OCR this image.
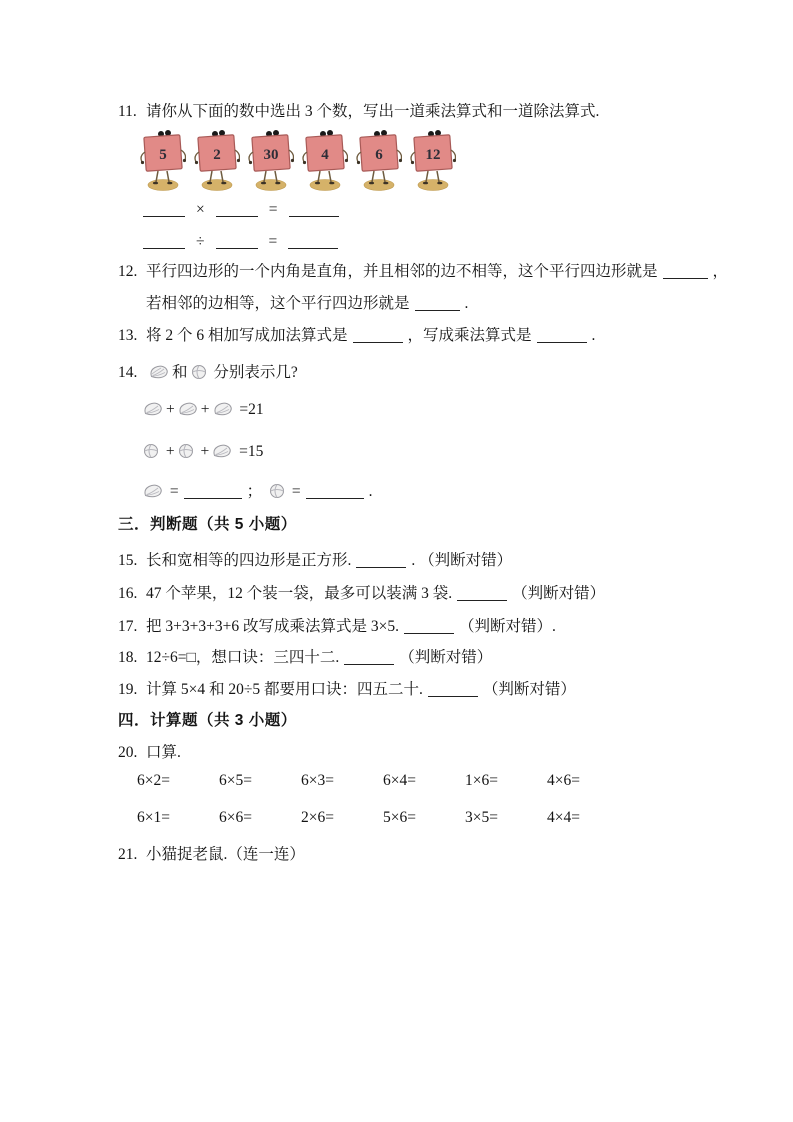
11. 请你从下面的数中选出 3 个数，写出一道乘法算式和一道除法算式.
5	2	30	4	6	12
×	=
÷	=
12. 平行四边形的一个内角是直角，并且相邻的边不相等，这个平行四边形就是	，
若相邻的边相等，这个平行四边形就是	.
13. 将 2 个 6 相加写成加法算式是	，写成乘法算式是	.
14. 和 分别表示几?
+ + =21
+ + =15
=	； =	.
三．判断题（共 5 小题）
15. 长和宽相等的四边形是正方形.	. （判断对错）
16. 47 个苹果，12 个装一袋，最多可以装满 3 袋.	（判断对错）
17. 把 3+3+3+3+6 改写成乘法算式是 3×5.	（判断对错）.
18. 12÷6=□，想口诀：三四十二.	（判断对错）
19. 计算 5×4 和 20÷5 都要用口诀：四五二十.	（判断对错）
四．计算题（共 3 小题）
20. 口算.
6×2=	6×5=	6×3=	6×4=	1×6=	4×6=
6×1=	6×6=	2×6=	5×6=	3×5=	4×4=
21. 小猫捉老鼠.（连一连）
